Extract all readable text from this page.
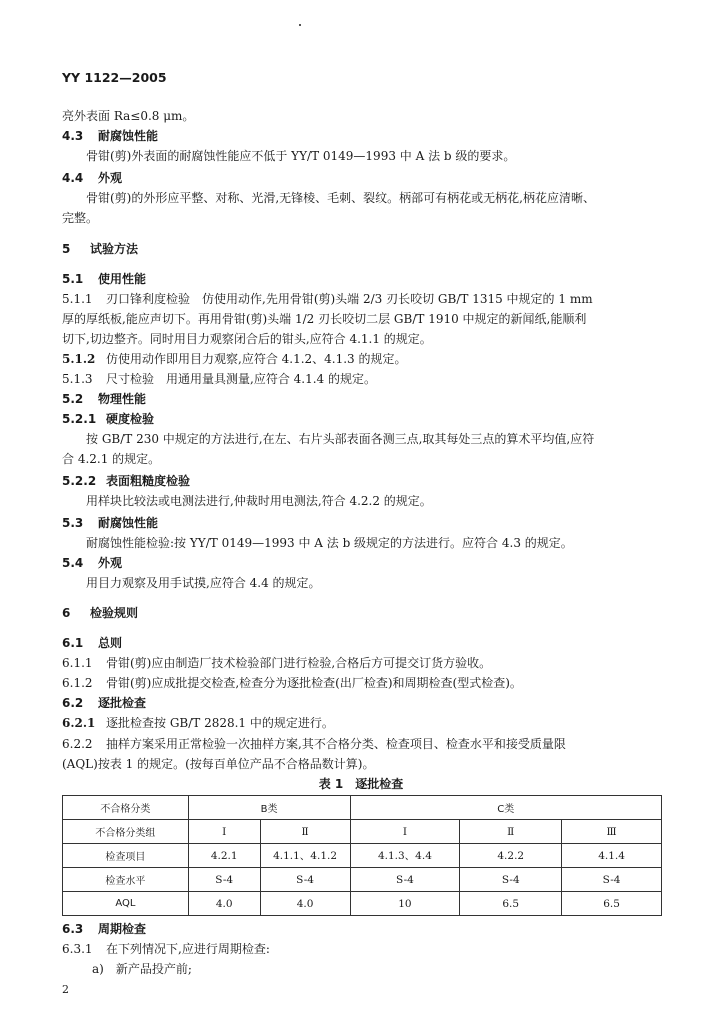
YY 1122—2005
亮外表面 Ra≤0.8 μm。
4.3 耐腐蚀性能
骨钳(剪)外表面的耐腐蚀性能应不低于 YY/T 0149—1993 中 A 法 b 级的要求。
4.4 外观
骨钳(剪)的外形应平整、对称、光滑,无锋棱、毛刺、裂纹。柄部可有柄花或无柄花,柄花应清晰、
完整。
5 试验方法
5.1 使用性能
5.1.1 刃口锋利度检验　仿使用动作,先用骨钳(剪)头端 2/3 刃长咬切 GB/T 1315 中规定的 1 mm
厚的厚纸板,能应声切下。再用骨钳(剪)头端 1/2 刃长咬切二层 GB/T 1910 中规定的新闻纸,能顺利
切下,切边整齐。同时用目力观察闭合后的钳头,应符合 4.1.1 的规定。
5.1.2 仿使用动作即用目力观察,应符合 4.1.2、4.1.3 的规定。
5.1.3 尺寸检验　用通用量具测量,应符合 4.1.4 的规定。
5.2 物理性能
5.2.1 硬度检验
按 GB/T 230 中规定的方法进行,在左、右片头部表面各测三点,取其每处三点的算术平均值,应符
合 4.2.1 的规定。
5.2.2 表面粗糙度检验
用样块比较法或电测法进行,仲裁时用电测法,符合 4.2.2 的规定。
5.3 耐腐蚀性能
耐腐蚀性能检验:按 YY/T 0149—1993 中 A 法 b 级规定的方法进行。应符合 4.3 的规定。
5.4 外观
用目力观察及用手试摸,应符合 4.4 的规定。
6 检验规则
6.1 总则
6.1.1 骨钳(剪)应由制造厂技术检验部门进行检验,合格后方可提交订货方验收。
6.1.2 骨钳(剪)应成批提交检查,检查分为逐批检查(出厂检查)和周期检查(型式检查)。
6.2 逐批检查
6.2.1 逐批检查按 GB/T 2828.1 中的规定进行。
6.2.2 抽样方案采用正常检验一次抽样方案,其不合格分类、检查项目、检查水平和接受质量限
(AQL)按表 1 的规定。(按每百单位产品不合格品数计算)。
表 1　逐批检查
不合格分类	B类		C类		
不合格分类组	Ⅰ	Ⅱ	Ⅰ	Ⅱ	Ⅲ
检查项目	4.2.1	4.1.1、4.1.2	4.1.3、4.4	4.2.2	4.1.4
检查水平	S-4	S-4	S-4	S-4	S-4
AQL	4.0	4.0	10	6.5	6.5
6.3 周期检查
6.3.1 在下列情况下,应进行周期检查:
a)　新产品投产前;
2
